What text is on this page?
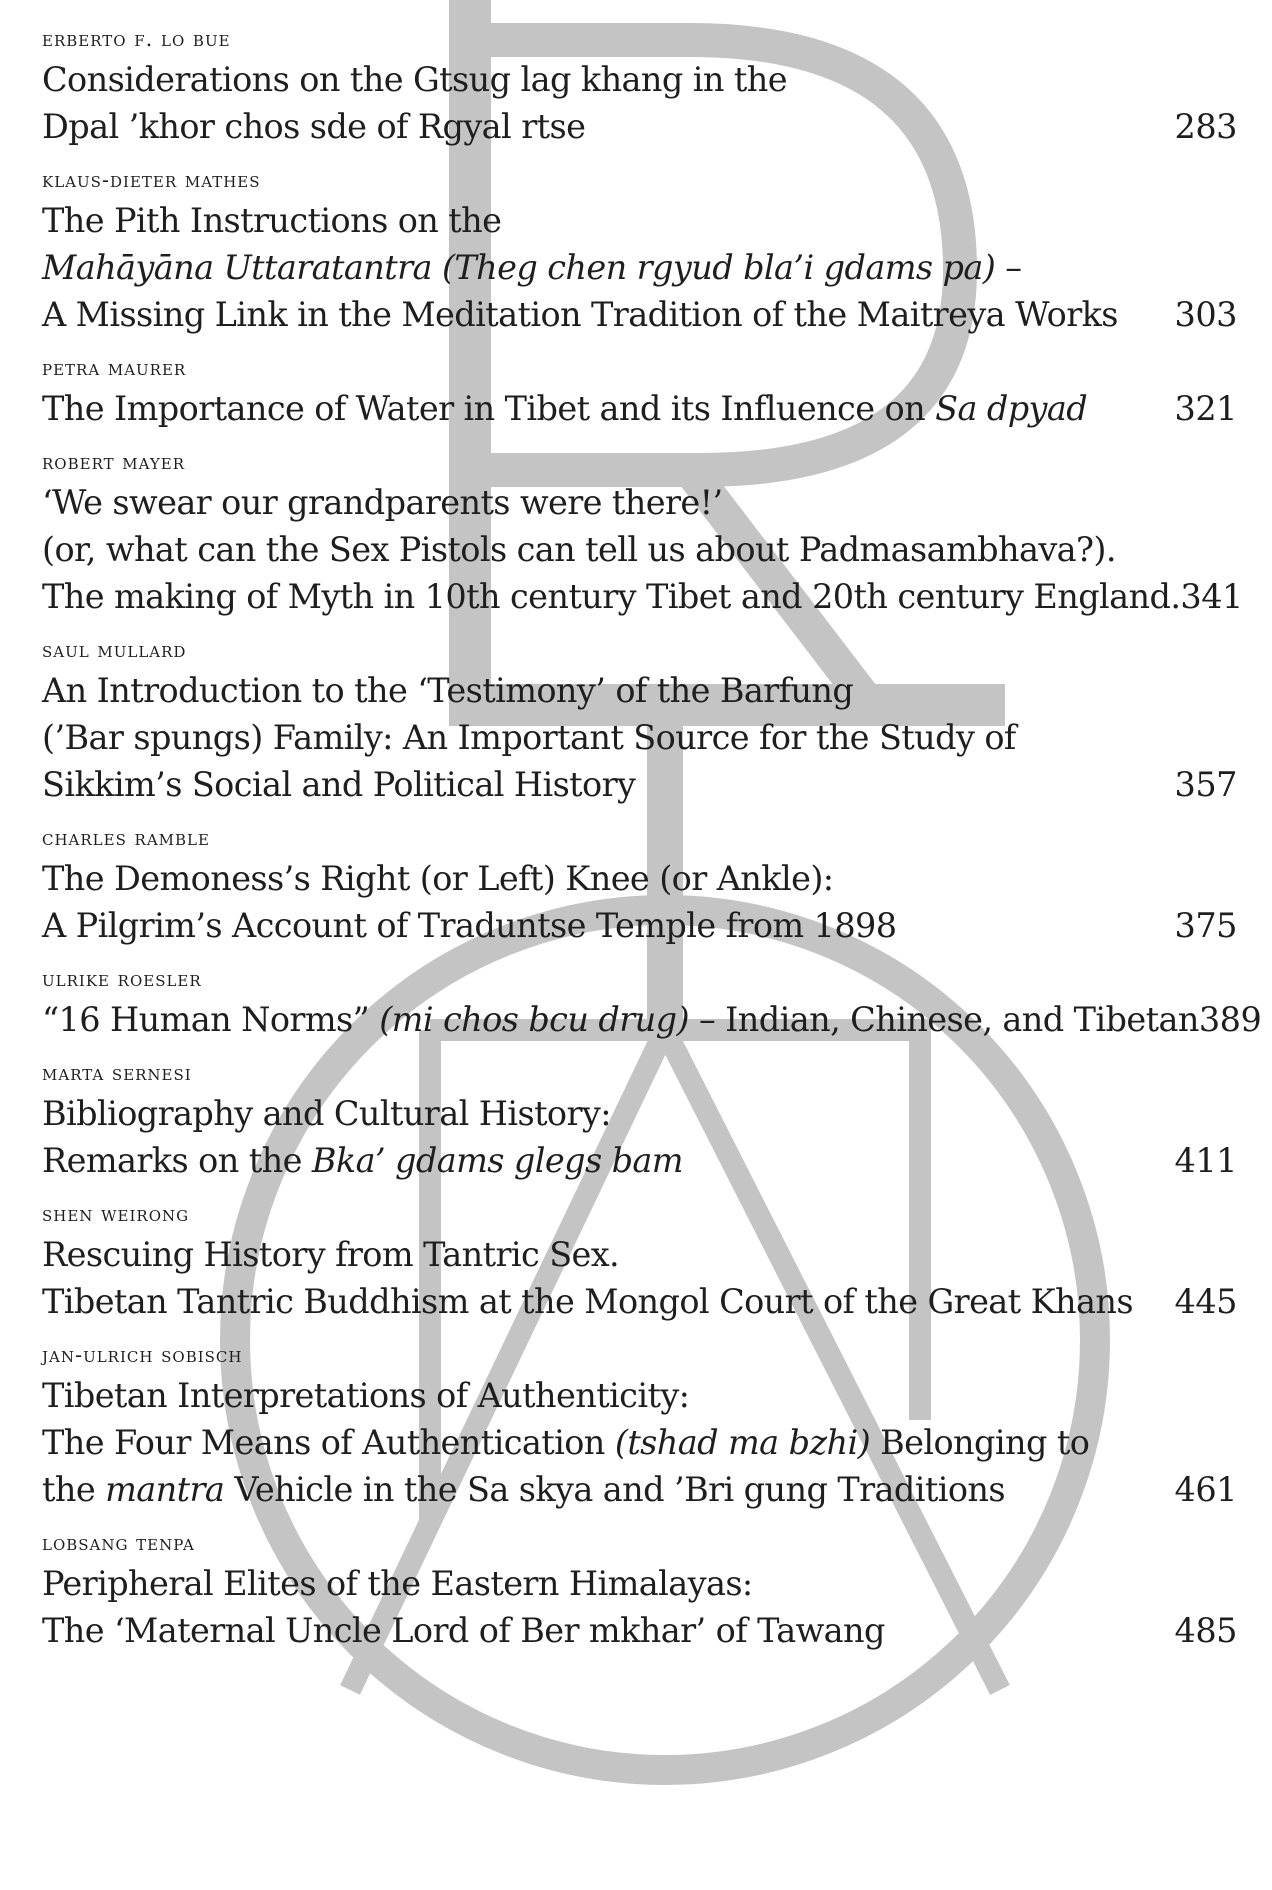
erberto f. lo bue
Considerations on the Gtsug lag khang in the
Dpal ’khor chos sde of Rgyal rtse	283
klaus-dieter mathes
The Pith Instructions on the
Mahāyāna Uttaratantra (Theg chen rgyud bla’i gdams pa) –
A Missing Link in the Meditation Tradition of the Maitreya Works 303
petra maurer
The Importance of Water in Tibet and its Influence on Sa dpyad	321
robert mayer
‘We swear our grandparents were there!’
(or, what can the Sex Pistols can tell us about Padmasambhava?).
The making of Myth in 10th century Tibet and 20th century England. 341
saul mullard
An Introduction to the ‘Testimony’ of the Barfung
(’Bar spungs) Family: An Important Source for the Study of
Sikkim’s Social and Political History	357
charles ramble
The Demoness’s Right (or Left) Knee (or Ankle):
A Pilgrim’s Account of Traduntse Temple from 1898	375
ulrike roesler
“16 Human Norms” (mi chos bcu drug) – Indian, Chinese, and Tibetan 389
marta sernesi
Bibliography and Cultural History:
Remarks on the Bka’ gdams glegs bam	411
shen weirong
Rescuing History from Tantric Sex.
Tibetan Tantric Buddhism at the Mongol Court of the Great Khans 445
jan-ulrich sobisch
Tibetan Interpretations of Authenticity:
The Four Means of Authentication (tshad ma bzhi) Belonging to
the mantra Vehicle in the Sa skya and ’Bri gung Traditions	461
lobsang tenpa
Peripheral Elites of the Eastern Himalayas:
The ‘Maternal Uncle Lord of Ber mkhar’ of Tawang	485
